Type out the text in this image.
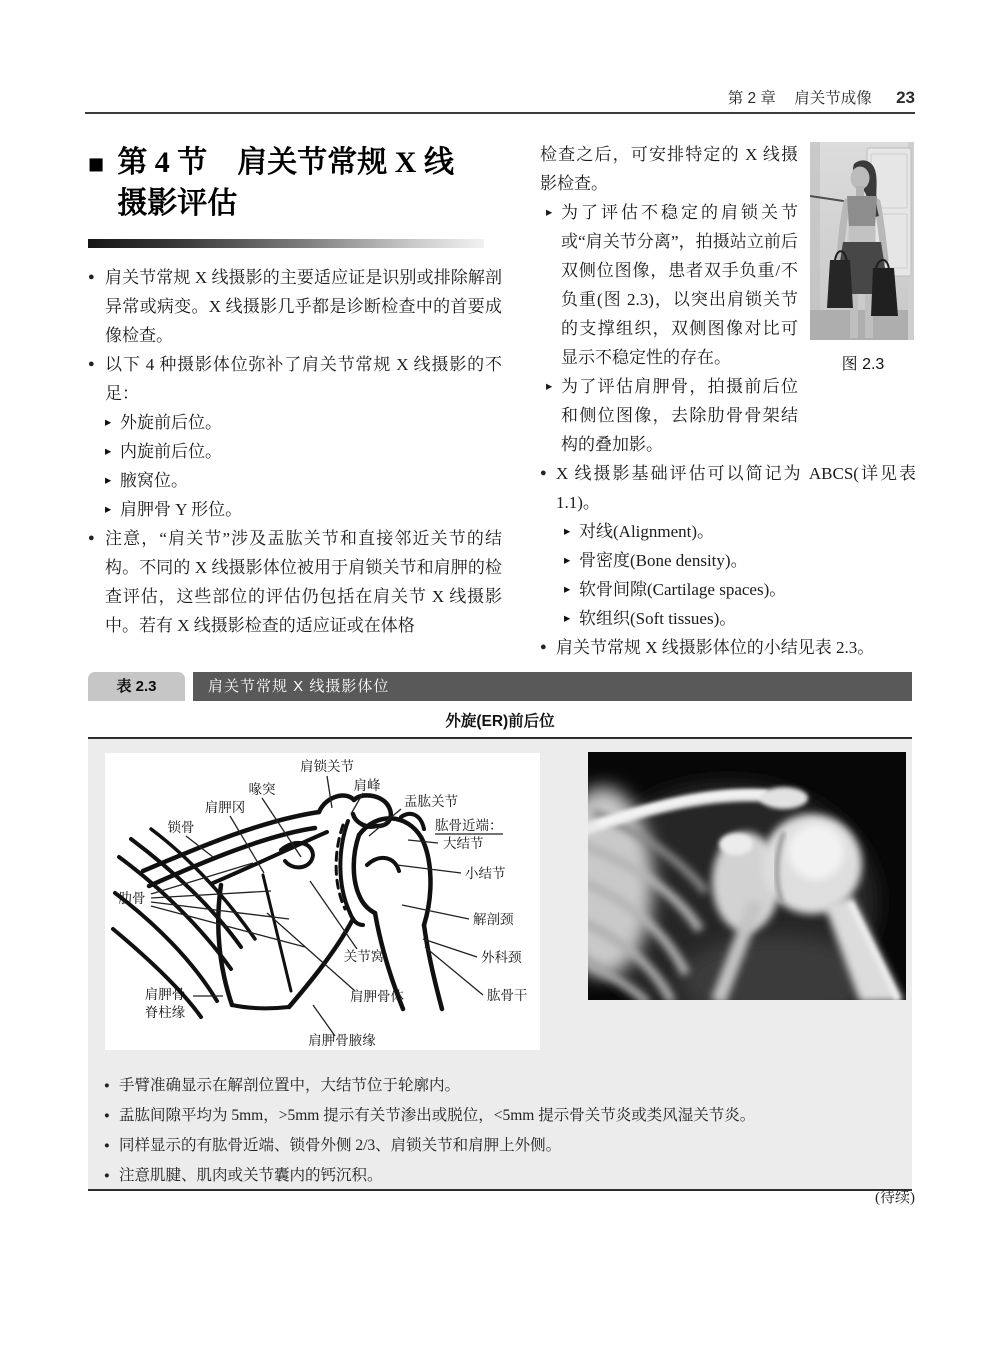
第 2 章 肩关节成像 23
■ 第 4 节　肩关节常规 X 线
摄影评估
● 肩关节常规 X 线摄影的主要适应证是识别或排除解剖异常或病变。X 线摄影几乎都是诊断检查中的首要成像检查。
● 以下 4 种摄影体位弥补了肩关节常规 X 线摄影的不足：
▸ 外旋前后位。
▸ 内旋前后位。
▸ 腋窝位。
▸ 肩胛骨 Y 形位。
● 注意，“肩关节”涉及盂肱关节和直接邻近关节的结构。不同的 X 线摄影体位被用于肩锁关节和肩胛的检查评估，这些部位的评估仍包括在肩关节 X 线摄影中。若有 X 线摄影检查的适应证或在体格
图 2.3
检查之后，可安排特定的 X 线摄影检查。
▸ 为了评估不稳定的肩锁关节或“肩关节分离”，拍摄站立前后双侧位图像，患者双手负重/不负重(图 2.3)，以突出肩锁关节的支撑组织，双侧图像对比可显示不稳定性的存在。
▸ 为了评估肩胛骨，拍摄前后位和侧位图像，去除肋骨骨架结构的叠加影。
● X 线摄影基础评估可以简记为 ABCS(详见表 1.1)。
▸ 对线(Alignment)。
▸ 骨密度(Bone density)。
▸ 软骨间隙(Cartilage spaces)。
▸ 软组织(Soft tissues)。
● 肩关节常规 X 线摄影体位的小结见表 2.3。
表 2.3	肩关节常规 X 线摄影体位
外旋(ER)前后位
肩锁关节
喙突
肩胛冈
锁骨
肋骨
肩峰
盂肱关节
肱骨近端：
大结节
小结节
解剖颈
外科颈
关节窝
肩胛骨体	肱骨干
肩胛骨
脊柱缘
肩胛骨腋缘
● 手臂准确显示在解剖位置中，大结节位于轮廓内。
● 盂肱间隙平均为 5mm，>5mm 提示有关节渗出或脱位，<5mm 提示骨关节炎或类风湿关节炎。
● 同样显示的有肱骨近端、锁骨外侧 2/3、肩锁关节和肩胛上外侧。
● 注意肌腱、肌肉或关节囊内的钙沉积。
(待续)
